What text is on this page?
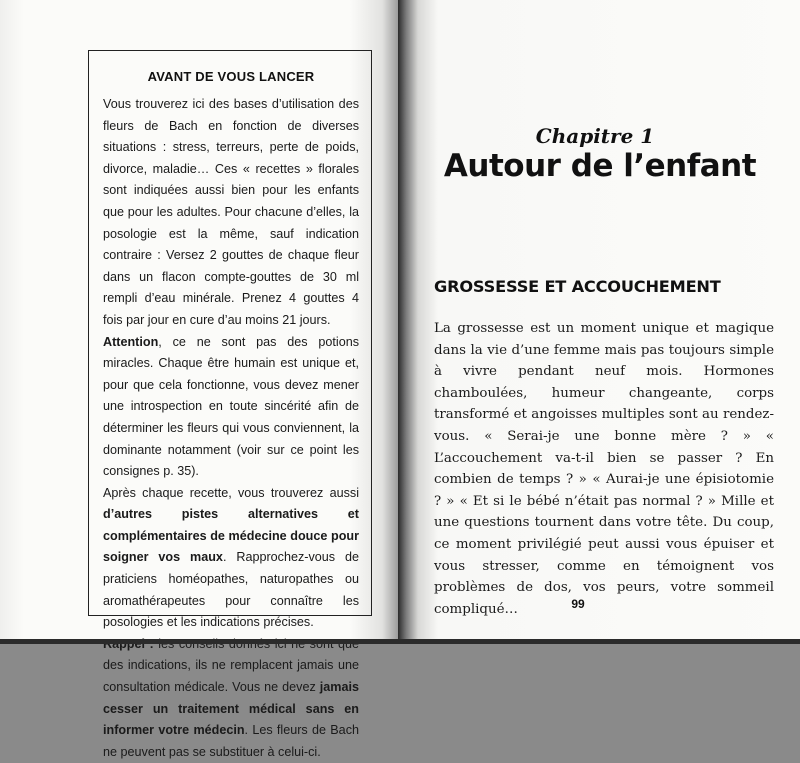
AVANT DE VOUS LANCER

Vous trouverez ici des bases d’utilisation des fleurs de Bach en fonction de diverses situations : stress, terreurs, perte de poids, divorce, maladie… Ces « recettes » florales sont indiquées aussi bien pour les enfants que pour les adultes. Pour chacune d’elles, la posologie est la même, sauf indication contraire : Versez 2 gouttes de chaque fleur dans un flacon compte-gouttes de 30 ml rempli d’eau minérale. Prenez 4 gouttes 4 fois par jour en cure d’au moins 21 jours.

Attention, ce ne sont pas des potions miracles. Chaque être humain est unique et, pour que cela fonctionne, vous devez mener une introspection en toute sincérité afin de déterminer les fleurs qui vous conviennent, la dominante notamment (voir sur ce point les consignes p. 35).

Après chaque recette, vous trouverez aussi d’autres pistes alternatives et complémentaires de médecine douce pour soigner vos maux. Rapprochez-vous de praticiens homéopathes, naturopathes ou aromathérapeutes pour connaître les posologies et les indications précises.

des indications, ils ne remplacent jamais une consultation médicale. Vous ne devez jamais cesser un traitement médical sans en informer votre médecin. Les fleurs de Bach ne peuvent pas se substituer à celui-ci.

Chapitre 1
Autour de l’enfant
GROSSESSE ET ACCOUCHEMENT

La grossesse est un moment unique et magique dans la vie d’une femme mais pas toujours simple à vivre pendant neuf mois. Hormones chamboulées, humeur changeante, corps transformé et angoisses multiples sont au rendez-vous. « Serai-je une bonne mère ? » « L’accouchement va-t-il bien se passer ? En combien de temps ? » « Aurai-je une épisiotomie ? » « Et si le bébé n’était pas normal ? » Mille et une questions tournent dans votre tête. Du coup, ce moment privilégié peut aussi vous épuiser et vous stresser, comme en témoignent vos problèmes de dos, vos peurs, votre sommeil compliqué…	99
